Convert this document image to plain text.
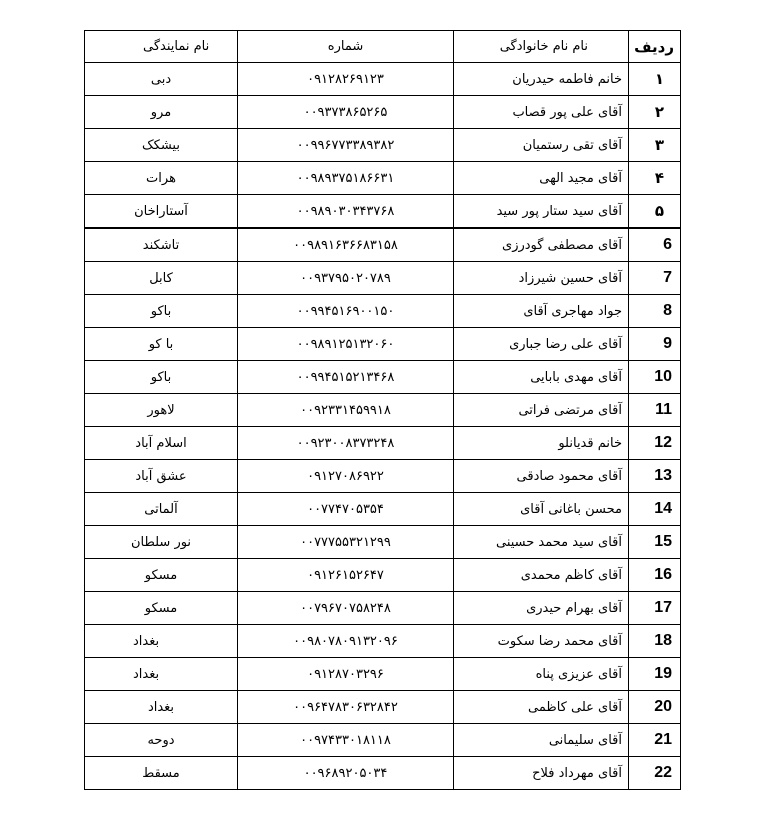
ردیف	نام نام خانوادگی	شماره	نام نمایندگی
۱	خانم فاطمه حیدریان	۰۹۱۲۸۲۶۹۱۲۳	دبی
۲	آقای علی پور قصاب	۰۰۹۳۷۳۸۶۵۲۶۵	مرو
۳	آقای تقی رستمیان	۰۰۹۹۶۷۷۳۳۸۹۳۸۲	بیشکک
۴	آقای مجید الهی	۰۰۹۸۹۳۷۵۱۸۶۶۳۱	هرات
۵	آقای سید ستار پور سید	۰۰۹۸۹۰۳۰۳۴۳۷۶۸	آستاراخان
6	آقای مصطفی گودرزی	۰۰۹۸۹۱۶۳۶۶۸۳۱۵۸	تاشکند
7	آقای حسین شیرزاد	۰۰۹۳۷۹۵۰۲۰۷۸۹	کابل
8	جواد مهاجری آقای	۰۰۹۹۴۵۱۶۹۰۰۱۵۰	باکو
9	آقای علی رضا جباری	۰۰۹۸۹۱۲۵۱۳۲۰۶۰	با کو
10	آقای مهدی بابایی	۰۰۹۹۴۵۱۵۲۱۳۴۶۸	باکو
11	آقای مرتضی فراتی	۰۰۹۲۳۳۱۴۵۹۹۱۸	لاهور
12	خانم قدیانلو	۰۰۹۲۳۰۰۸۳۷۳۲۴۸	اسلام آباد
13	آقای محمود صادقی	۰۹۱۲۷۰۸۶۹۲۲	عشق آباد
14	محسن باغانی آقای	۰۰۷۷۴۷۰۵۳۵۴	آلماتی
15	آقای سید محمد حسینی	۰۰۷۷۷۵۵۳۲۱۲۹۹	نور سلطان
16	آقای کاظم محمدی	۰۹۱۲۶۱۵۲۶۴۷	مسکو
17	آقای بهرام حیدری	۰۰۷۹۶۷۰۷۵۸۲۴۸	مسکو
18	آقای محمد رضا سکوت	۰۰۹۸۰۷۸۰۹۱۳۲۰۹۶	بغداد
19	آقای عزیزی پناه	۰۹۱۲۸۷۰۳۲۹۶	بغداد
20	آقای علی کاظمی	۰۰۹۶۴۷۸۳۰۶۳۲۸۴۲	بغداد
21	آقای سلیمانی	۰۰۹۷۴۳۳۰۱۸۱۱۸	دوحه
22	آقای مهرداد فلاح	۰۰۹۶۸۹۲۰۵۰۳۴	مسقط
